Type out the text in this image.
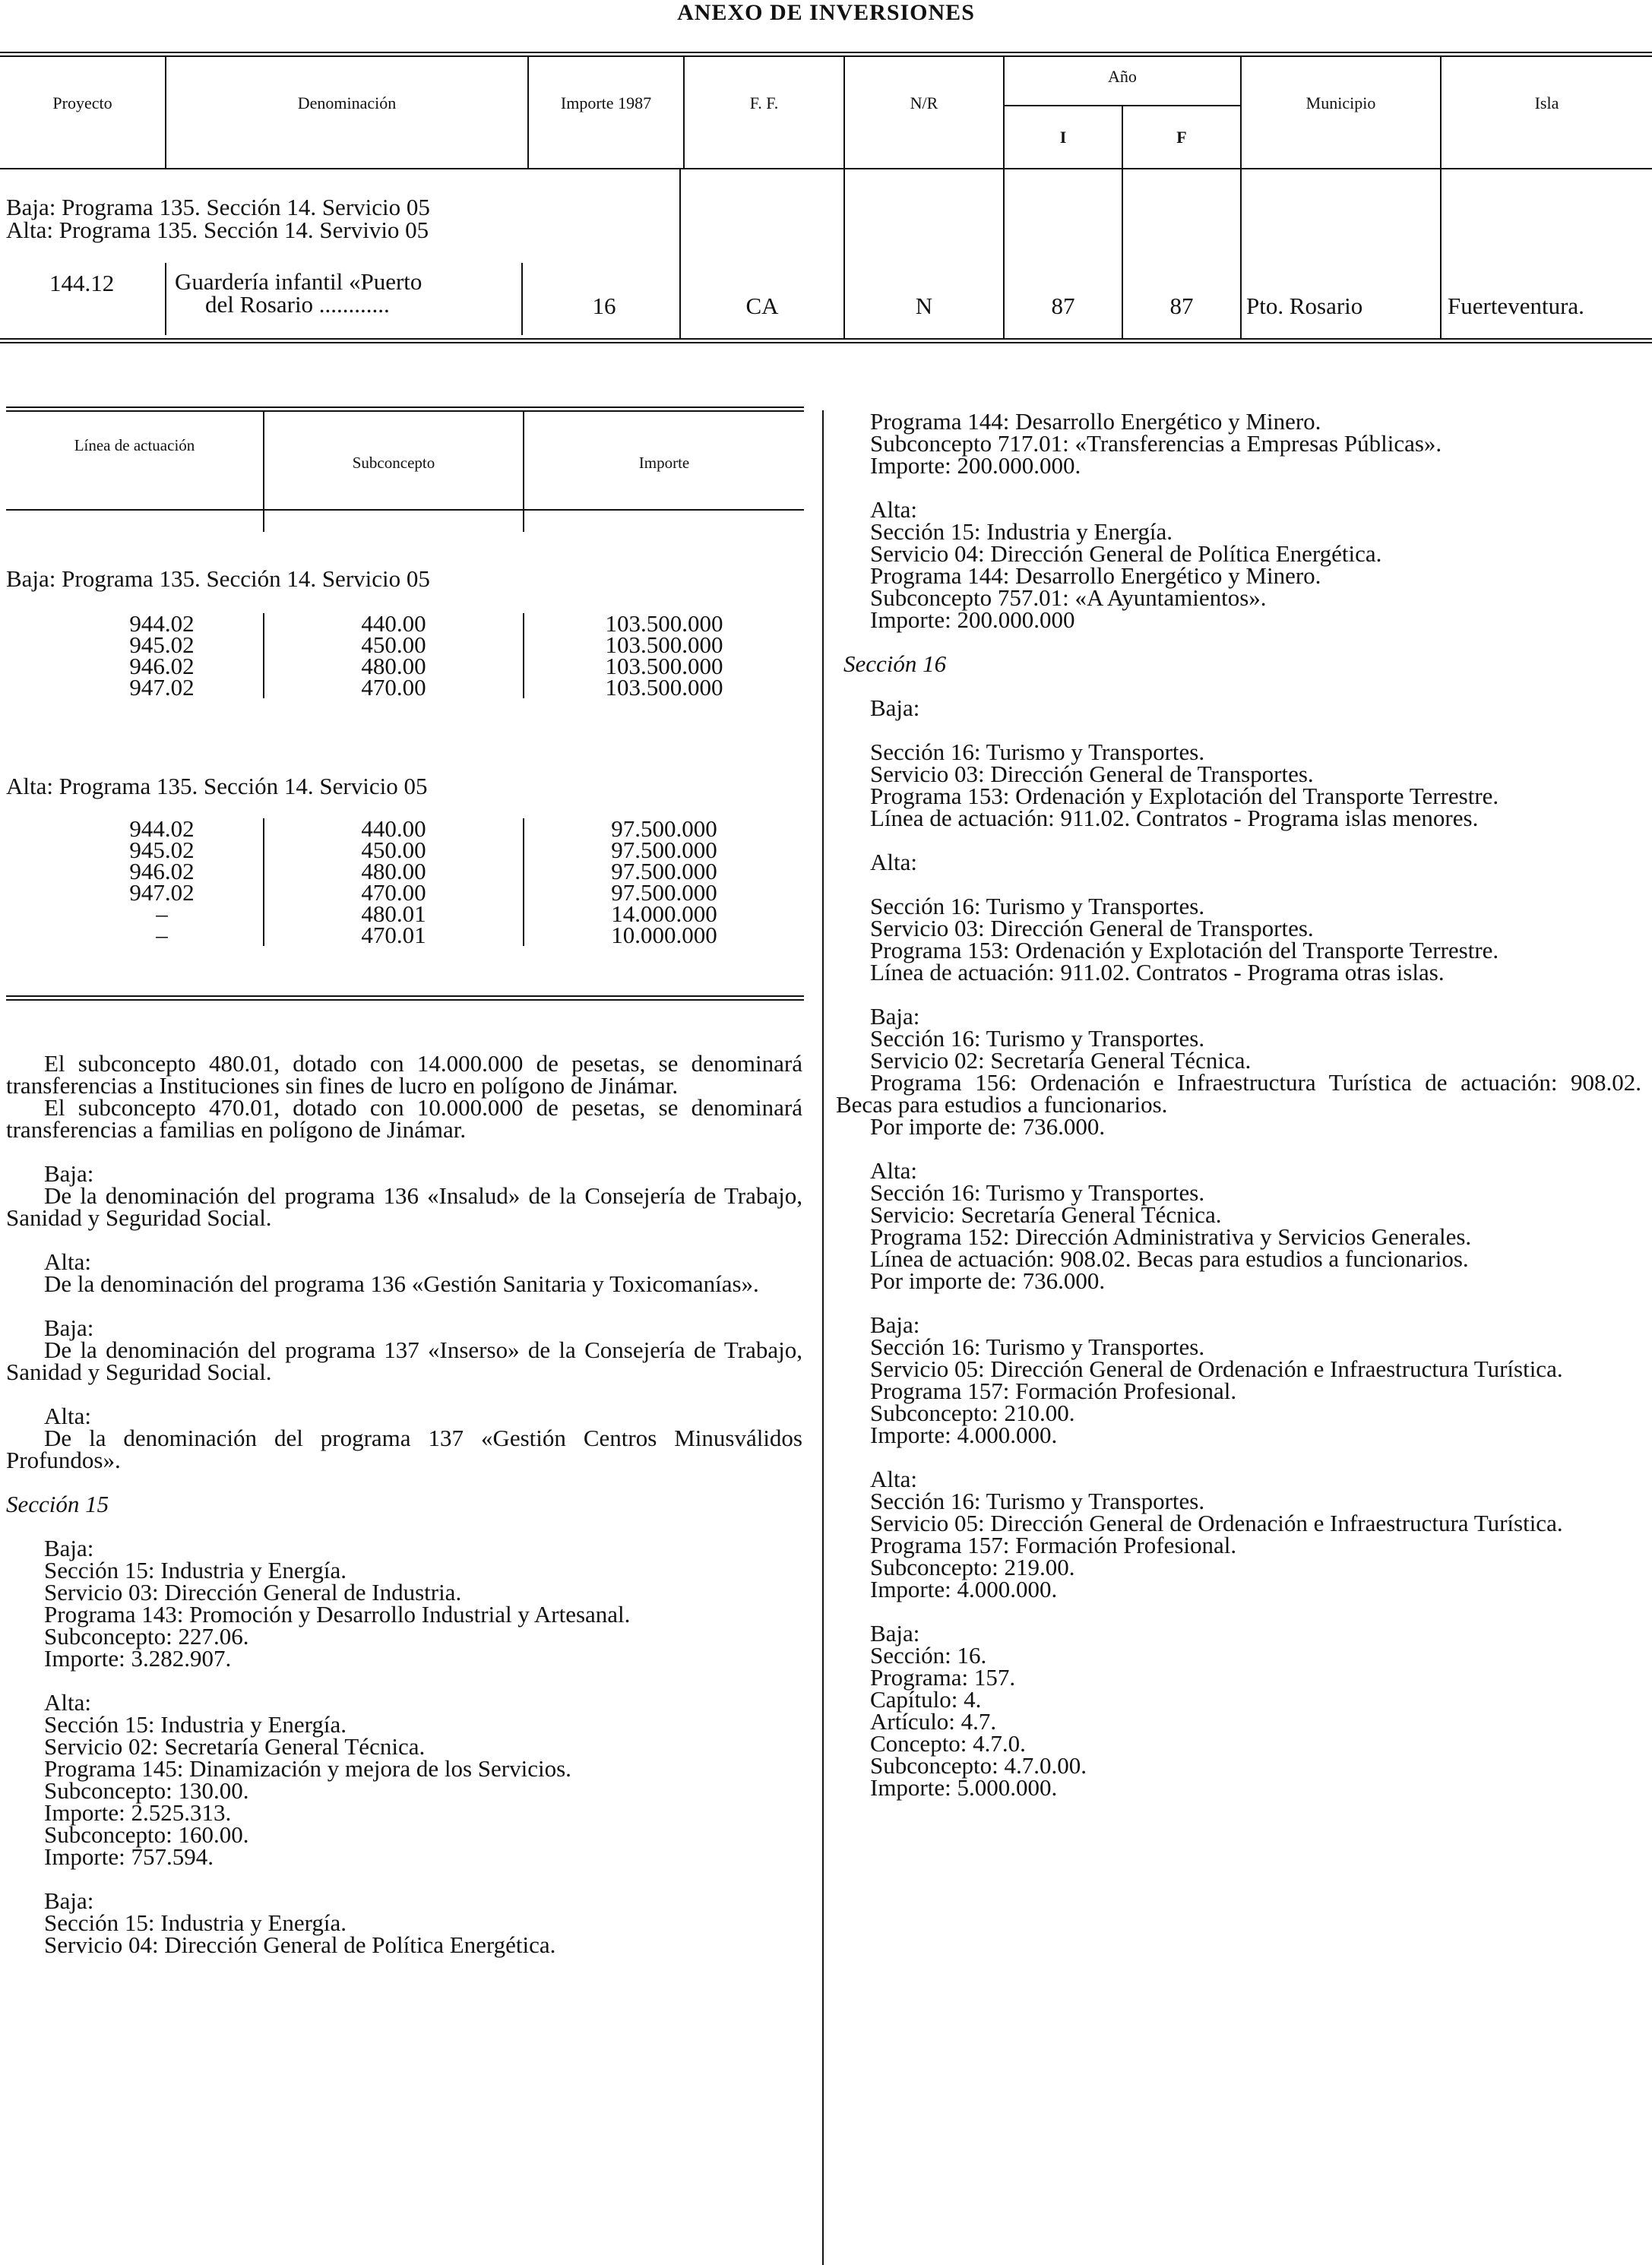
ANEXO DE INVERSIONES
Proyecto	Denominación	Importe 1987	F. F.	N/R
Año
I	F
Municipio	Isla
Baja: Programa 135. Sección 14. Servicio 05
Alta: Programa 135. Sección 14. Servivio 05
144.12	Guardería infantil «Puerto
del Rosario ............	16	CA	N	87	87	Pto. Rosario	Fuerteventura.
Línea de actuación
Subconcepto	Importe
Baja: Programa 135. Sección 14. Servicio 05
944.02	440.00	103.500.000
945.02	450.00	103.500.000
946.02	480.00	103.500.000
947.02	470.00	103.500.000
Alta: Programa 135. Sección 14. Servicio 05
944.02	440.00	97.500.000
945.02	450.00	97.500.000
946.02	480.00	97.500.000
947.02	470.00	97.500.000
–	480.01	14.000.000
–	470.01	10.000.000

El subconcepto 480.01, dotado con 14.000.000 de pesetas, se denominará transferencias a Instituciones sin fines de lucro en polígono de Jinámar.

El subconcepto 470.01, dotado con 10.000.000 de pesetas, se denominará transferencias a familias en polígono de Jinámar.

Baja:

De la denominación del programa 136 «Insalud» de la Consejería de Trabajo, Sanidad y Seguridad Social.

Alta:

De la denominación del programa 136 «Gestión Sanitaria y Toxicomanías».

Baja:

De la denominación del programa 137 «Inserso» de la Consejería de Trabajo, Sanidad y Seguridad Social.

Alta:

De la denominación del programa 137 «Gestión Centros Minusválidos Profundos».

Sección 15

Baja:

Sección 15: Industria y Energía.

Servicio 03: Dirección General de Industria.

Programa 143: Promoción y Desarrollo Industrial y Artesanal.

Subconcepto: 227.06.

Importe: 3.282.907.

Alta:

Sección 15: Industria y Energía.

Servicio 02: Secretaría General Técnica.

Programa 145: Dinamización y mejora de los Servicios.

Subconcepto: 130.00.

Importe: 2.525.313.

Subconcepto: 160.00.

Importe: 757.594.

Baja:

Sección 15: Industria y Energía.

Servicio 04: Dirección General de Política Energética.

Programa 144: Desarrollo Energético y Minero.

Subconcepto 717.01: «Transferencias a Empresas Públicas».

Importe: 200.000.000.

Alta:

Sección 15: Industria y Energía.

Servicio 04: Dirección General de Política Energética.

Programa 144: Desarrollo Energético y Minero.

Subconcepto 757.01: «A Ayuntamientos».

Importe: 200.000.000

Sección 16

Baja:

Sección 16: Turismo y Transportes.

Servicio 03: Dirección General de Transportes.

Programa 153: Ordenación y Explotación del Transporte Terrestre.

Línea de actuación: 911.02. Contratos - Programa islas menores.

Alta:

Sección 16: Turismo y Transportes.

Servicio 03: Dirección General de Transportes.

Programa 153: Ordenación y Explotación del Transporte Terrestre.

Línea de actuación: 911.02. Contratos - Programa otras islas.

Baja:

Sección 16: Turismo y Transportes.

Servicio 02: Secretaría General Técnica.

Programa 156: Ordenación e Infraestructura Turística de actuación: 908.02. Becas para estudios a funcionarios.

Por importe de: 736.000.

Alta:

Sección 16: Turismo y Transportes.

Servicio: Secretaría General Técnica.

Programa 152: Dirección Administrativa y Servicios Generales.

Línea de actuación: 908.02. Becas para estudios a funcionarios.

Por importe de: 736.000.

Baja:

Sección 16: Turismo y Transportes.

Servicio 05: Dirección General de Ordenación e Infraestructura Turística.

Programa 157: Formación Profesional.

Subconcepto: 210.00.

Importe: 4.000.000.

Alta:

Sección 16: Turismo y Transportes.

Servicio 05: Dirección General de Ordenación e Infraestructura Turística.

Programa 157: Formación Profesional.

Subconcepto: 219.00.

Importe: 4.000.000.

Baja:

Sección: 16.

Programa: 157.

Capítulo: 4.

Artículo: 4.7.

Concepto: 4.7.0.

Subconcepto: 4.7.0.00.

Importe: 5.000.000.
